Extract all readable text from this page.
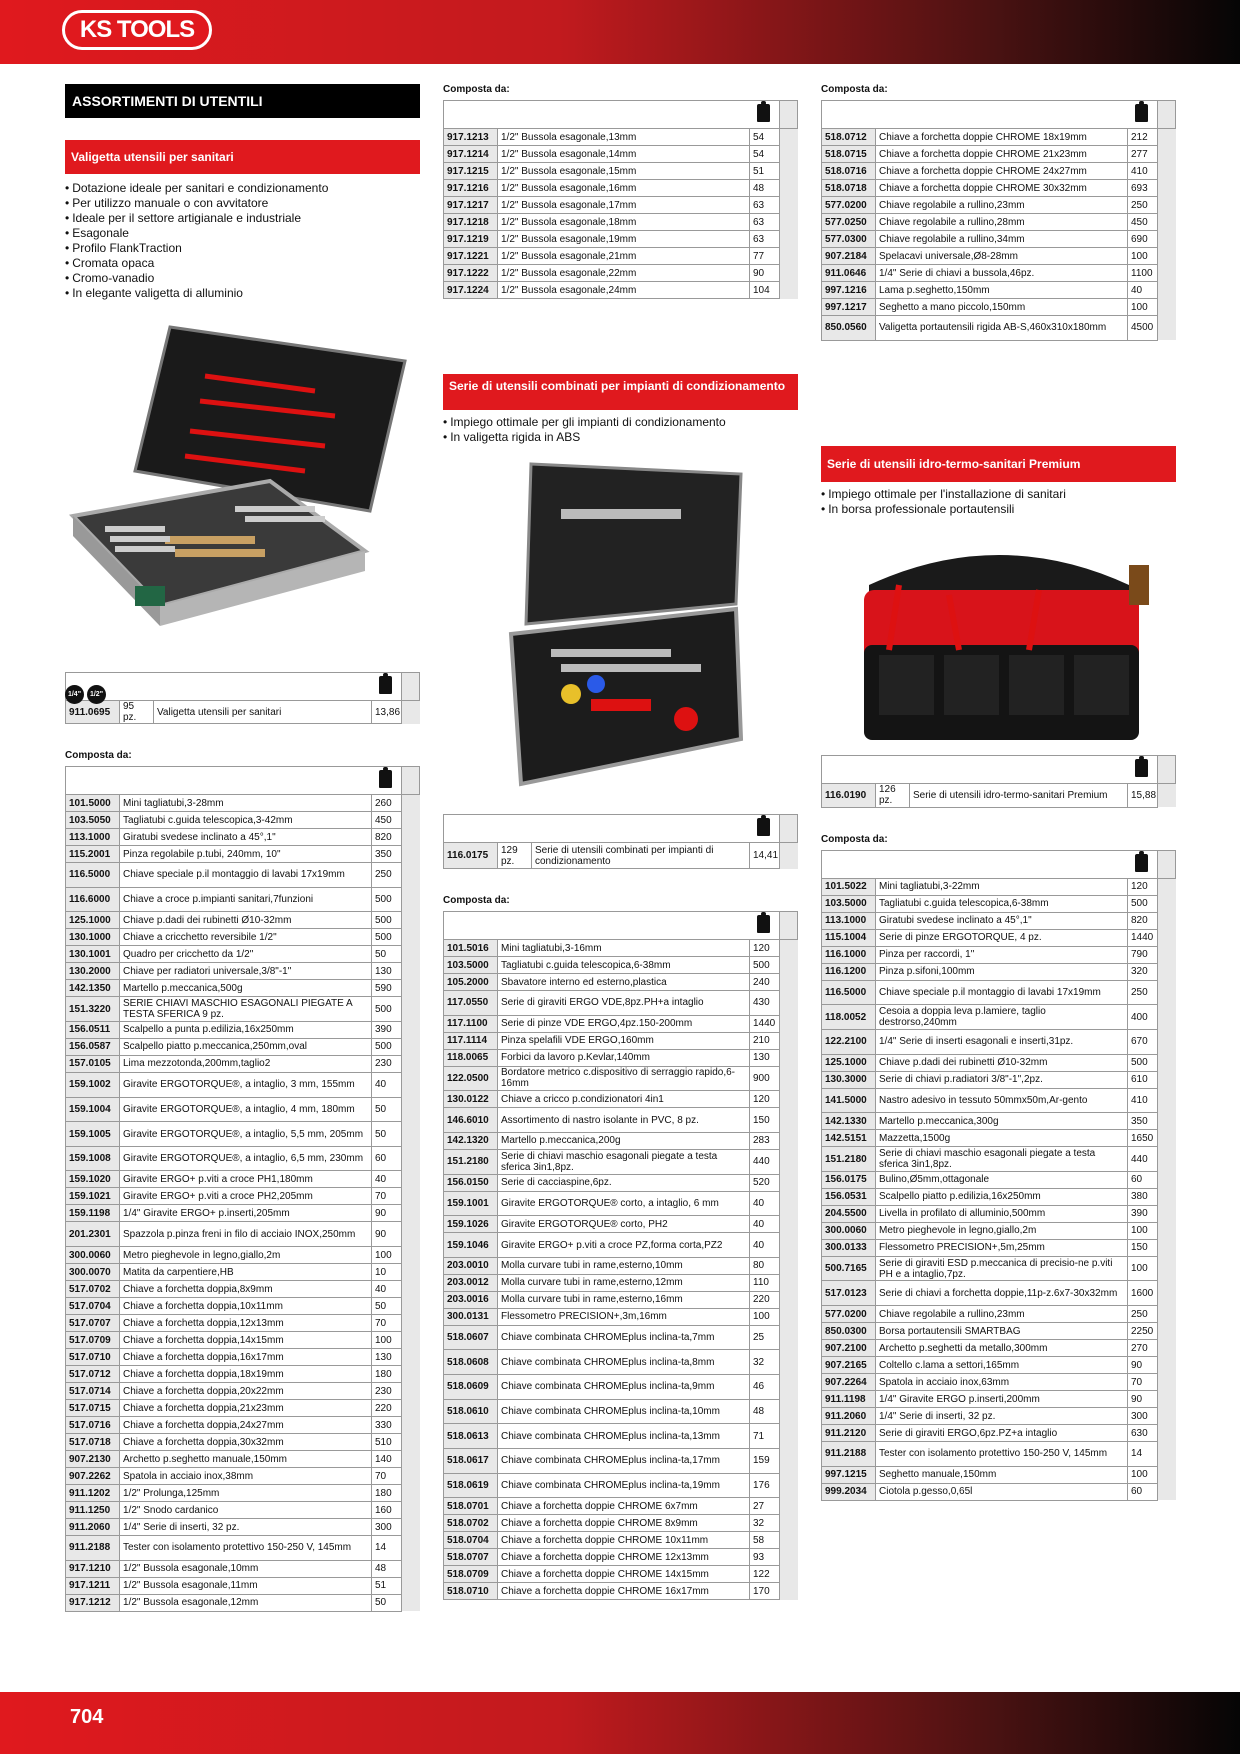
KS TOOLS
ASSORTIMENTI DI UTENTILI
Valigetta utensili per sanitari
• Dotazione ideale per sanitari e condizionamento
• Per utilizzo manuale o con avvitatore
• Ideale per il settore artigianale e industriale
• Esagonale
• Profilo FlankTraction
• Cromata opaca
• Cromo-vanadio
• In elegante valigetta di alluminio
1/4"	1/2"

911.0695	95 pz.	Valigetta utensili per sanitari	13,86	
Composta da:

101.5000	Mini tagliatubi,3-28mm	260	
103.5050	Tagliatubi c.guida telescopica,3-42mm	450	
113.1000	Giratubi svedese inclinato a 45°,1"	820	
115.2001	Pinza regolabile p.tubi, 240mm, 10"	350	
116.5000	Chiave speciale p.il montaggio di lavabi 17x19mm	250	
116.6000	Chiave a croce p.impianti sanitari,7funzioni	500	
125.1000	Chiave p.dadi dei rubinetti Ø10-32mm	500	
130.1000	Chiave a cricchetto reversibile 1/2"	500	
130.1001	Quadro per cricchetto da 1/2"	50	
130.2000	Chiave per radiatori universale,3/8"-1"	130	
142.1350	Martello p.meccanica,500g	590	
151.3220	SERIE CHIAVI MASCHIO ESAGONALI PIEGATE A TESTA SFERICA 9 pz.	500	
156.0511	Scalpello a punta p.edilizia,16x250mm	390	
156.0587	Scalpello piatto p.meccanica,250mm,oval	500	
157.0105	Lima mezzotonda,200mm,taglio2	230	
159.1002	Giravite ERGOTORQUE®, a intaglio, 3 mm, 155mm	40	
159.1004	Giravite ERGOTORQUE®, a intaglio, 4 mm, 180mm	50	
159.1005	Giravite ERGOTORQUE®, a intaglio, 5,5 mm, 205mm	50	
159.1008	Giravite ERGOTORQUE®, a intaglio, 6,5 mm, 230mm	60	
159.1020	Giravite ERGO+ p.viti a croce PH1,180mm	40	
159.1021	Giravite ERGO+ p.viti a croce PH2,205mm	70	
159.1198	1/4" Giravite ERGO+ p.inserti,205mm	90	
201.2301	Spazzola p.pinza freni in filo di acciaio INOX,250mm	90	
300.0060	Metro pieghevole in legno,giallo,2m	100	
300.0070	Matita da carpentiere,HB	10	
517.0702	Chiave a forchetta doppia,8x9mm	40	
517.0704	Chiave a forchetta doppia,10x11mm	50	
517.0707	Chiave a forchetta doppia,12x13mm	70	
517.0709	Chiave a forchetta doppia,14x15mm	100	
517.0710	Chiave a forchetta doppia,16x17mm	130	
517.0712	Chiave a forchetta doppia,18x19mm	180	
517.0714	Chiave a forchetta doppia,20x22mm	230	
517.0715	Chiave a forchetta doppia,21x23mm	220	
517.0716	Chiave a forchetta doppia,24x27mm	330	
517.0718	Chiave a forchetta doppia,30x32mm	510	
907.2130	Archetto p.seghetto manuale,150mm	140	
907.2262	Spatola in acciaio inox,38mm	70	
911.1202	1/2" Prolunga,125mm	180	
911.1250	1/2" Snodo cardanico	160	
911.2060	1/4" Serie di inserti, 32 pz.	300	
911.2188	Tester con isolamento protettivo 150-250 V, 145mm	14	
917.1210	1/2" Bussola esagonale,10mm	48	
917.1211	1/2" Bussola esagonale,11mm	51	
917.1212	1/2" Bussola esagonale,12mm	50	
Composta da:

917.1213	1/2" Bussola esagonale,13mm	54	
917.1214	1/2" Bussola esagonale,14mm	54	
917.1215	1/2" Bussola esagonale,15mm	51	
917.1216	1/2" Bussola esagonale,16mm	48	
917.1217	1/2" Bussola esagonale,17mm	63	
917.1218	1/2" Bussola esagonale,18mm	63	
917.1219	1/2" Bussola esagonale,19mm	63	
917.1221	1/2" Bussola esagonale,21mm	77	
917.1222	1/2" Bussola esagonale,22mm	90	
917.1224	1/2" Bussola esagonale,24mm	104	
Serie di utensili combinati per impianti di condizionamento
• Impiego ottimale per gli impianti di condizionamento
• In valigetta rigida in ABS

116.0175	129 pz.	Serie di utensili combinati per impianti di condizionamento	14,41	
Composta da:

101.5016	Mini tagliatubi,3-16mm	120	
103.5000	Tagliatubi c.guida telescopica,6-38mm	500	
105.2000	Sbavatore interno ed esterno,plastica	240	
117.0550	Serie di giraviti ERGO VDE,8pz.PH+a intaglio	430	
117.1100	Serie di pinze VDE ERGO,4pz.150-200mm	1440	
117.1114	Pinza spelafili VDE ERGO,160mm	210	
118.0065	Forbici da lavoro p.Kevlar,140mm	130	
122.0500	Bordatore metrico c.dispositivo di serraggio rapido,6-16mm	900	
130.0122	Chiave a cricco p.condizionatori 4in1	120	
146.6010	Assortimento di nastro isolante in PVC, 8 pz.	150	
142.1320	Martello p.meccanica,200g	283	
151.2180	Serie di chiavi maschio esagonali piegate a testa sferica 3in1,8pz.	440	
156.0150	Serie di cacciaspine,6pz.	520	
159.1001	Giravite ERGOTORQUE® corto, a intaglio, 6 mm	40	
159.1026	Giravite ERGOTORQUE® corto, PH2	40	
159.1046	Giravite ERGO+ p.viti a croce PZ,forma corta,PZ2	40	
203.0010	Molla curvare tubi in rame,esterno,10mm	80	
203.0012	Molla curvare tubi in rame,esterno,12mm	110	
203.0016	Molla curvare tubi in rame,esterno,16mm	220	
300.0131	Flessometro PRECISION+,3m,16mm	100	
518.0607	Chiave combinata CHROMEplus inclina-ta,7mm	25	
518.0608	Chiave combinata CHROMEplus inclina-ta,8mm	32	
518.0609	Chiave combinata CHROMEplus inclina-ta,9mm	46	
518.0610	Chiave combinata CHROMEplus inclina-ta,10mm	48	
518.0613	Chiave combinata CHROMEplus inclina-ta,13mm	71	
518.0617	Chiave combinata CHROMEplus inclina-ta,17mm	159	
518.0619	Chiave combinata CHROMEplus inclina-ta,19mm	176	
518.0701	Chiave a forchetta doppie CHROME 6x7mm	27	
518.0702	Chiave a forchetta doppie CHROME 8x9mm	32	
518.0704	Chiave a forchetta doppie CHROME 10x11mm	58	
518.0707	Chiave a forchetta doppie CHROME 12x13mm	93	
518.0709	Chiave a forchetta doppie CHROME 14x15mm	122	
518.0710	Chiave a forchetta doppie CHROME 16x17mm	170	
Composta da:

518.0712	Chiave a forchetta doppie CHROME 18x19mm	212	
518.0715	Chiave a forchetta doppie CHROME 21x23mm	277	
518.0716	Chiave a forchetta doppie CHROME 24x27mm	410	
518.0718	Chiave a forchetta doppie CHROME 30x32mm	693	
577.0200	Chiave regolabile a rullino,23mm	250	
577.0250	Chiave regolabile a rullino,28mm	450	
577.0300	Chiave regolabile a rullino,34mm	690	
907.2184	Spelacavi universale,Ø8-28mm	100	
911.0646	1/4" Serie di chiavi a bussola,46pz.	1100	
997.1216	Lama p.seghetto,150mm	40	
997.1217	Seghetto a mano piccolo,150mm	100	
850.0560	Valigetta portautensili rigida AB-S,460x310x180mm	4500	
Serie di utensili idro-termo-sanitari Premium
• Impiego ottimale per l'installazione di sanitari
• In borsa professionale portautensili

116.0190	126 pz.	Serie di utensili idro-termo-sanitari Premium	15,88	
Composta da:

101.5022	Mini tagliatubi,3-22mm	120	
103.5000	Tagliatubi c.guida telescopica,6-38mm	500	
113.1000	Giratubi svedese inclinato a 45°,1"	820	
115.1004	Serie di pinze ERGOTORQUE, 4 pz.	1440	
116.1000	Pinza per raccordi, 1"	790	
116.1200	Pinza p.sifoni,100mm	320	
116.5000	Chiave speciale p.il montaggio di lavabi 17x19mm	250	
118.0052	Cesoia a doppia leva p.lamiere, taglio destrorso,240mm	400	
122.2100	1/4" Serie di inserti esagonali e inserti,31pz.	670	
125.1000	Chiave p.dadi dei rubinetti Ø10-32mm	500	
130.3000	Serie di chiavi p.radiatori 3/8"-1",2pz.	610	
141.5000	Nastro adesivo in tessuto 50mmx50m,Ar-gento	410	
142.1330	Martello p.meccanica,300g	350	
142.5151	Mazzetta,1500g	1650	
151.2180	Serie di chiavi maschio esagonali piegate a testa sferica 3in1,8pz.	440	
156.0175	Bulino,Ø5mm,ottagonale	60	
156.0531	Scalpello piatto p.edilizia,16x250mm	380	
204.5500	Livella in profilato di alluminio,500mm	390	
300.0060	Metro pieghevole in legno,giallo,2m	100	
300.0133	Flessometro PRECISION+,5m,25mm	150	
500.7165	Serie di giraviti ESD p.meccanica di precisio-ne p.viti PH e a intaglio,7pz.	100	
517.0123	Serie di chiavi a forchetta doppie,11p-z.6x7-30x32mm	1600	
577.0200	Chiave regolabile a rullino,23mm	250	
850.0300	Borsa portautensili SMARTBAG	2250	
907.2100	Archetto p.seghetti da metallo,300mm	270	
907.2165	Coltello c.lama a settori,165mm	90	
907.2264	Spatola in acciaio inox,63mm	70	
911.1198	1/4" Giravite ERGO p.inserti,200mm	90	
911.2060	1/4" Serie di inserti, 32 pz.	300	
911.2120	Serie di giraviti ERGO,6pz.PZ+a intaglio	630	
911.2188	Tester con isolamento protettivo 150-250 V, 145mm	14	
997.1215	Seghetto manuale,150mm	100	
999.2034	Ciotola p.gesso,0,65l	60	
704
